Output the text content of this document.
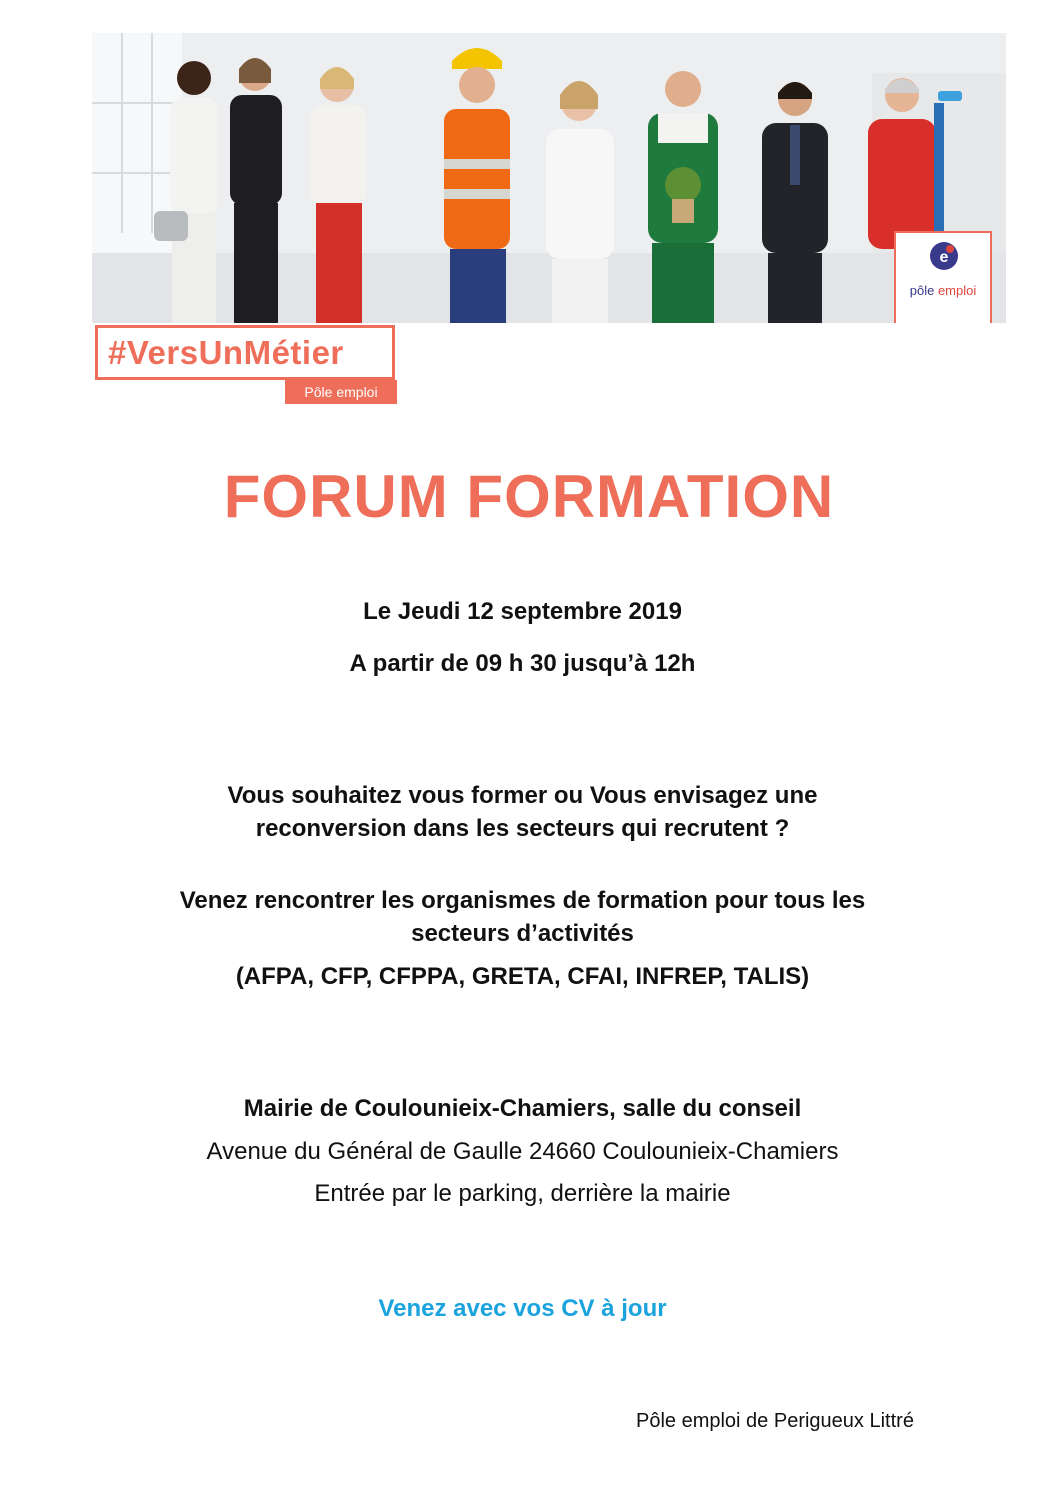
e
pôle emploi
#VersUnMétier
Pôle emploi
FORUM FORMATION
Le Jeudi 12 septembre 2019
A partir de 09 h 30 jusqu’à 12h
Vous souhaitez vous former ou Vous envisagez une
reconversion dans les secteurs qui recrutent ?
Venez rencontrer les organismes de formation pour tous les
secteurs d’activités
(AFPA, CFP, CFPPA, GRETA, CFAI, INFREP, TALIS)
Mairie de Coulounieix-Chamiers, salle du conseil
Avenue du Général de Gaulle 24660 Coulounieix-Chamiers
Entrée par le parking, derrière la mairie
Venez avec vos CV à jour
Pôle emploi de Perigueux Littré
